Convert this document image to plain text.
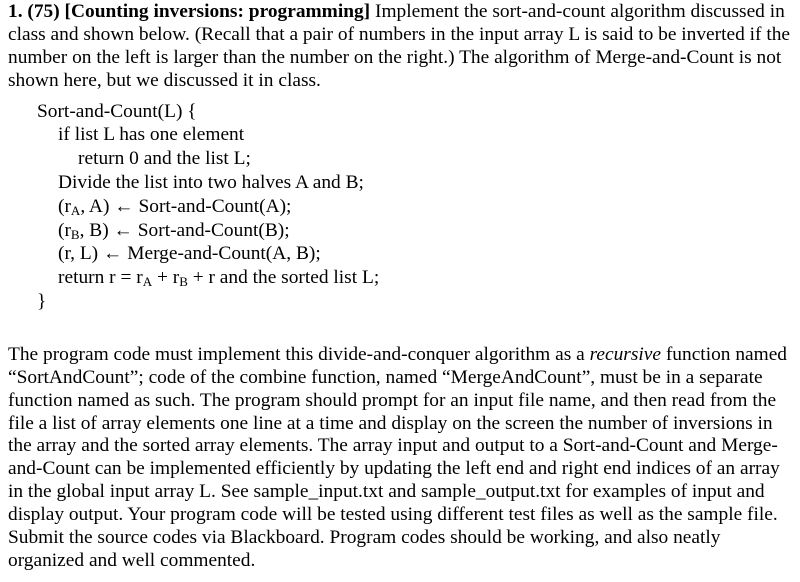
1. (75) [Counting inversions: programming] Implement the sort-and-count algorithm discussed in class and shown below. (Recall that a pair of numbers in the input array L is said to be inverted if the number on the left is larger than the number on the right.) The algorithm of Merge-and-Count is not shown here, but we discussed it in class.

Sort-and-Count(L) {
if list L has one element
return 0 and the list L;
Divide the list into two halves A and B;
($r_A$, A) ← Sort-and-Count(A);
($r_B$, B) ← Sort-and-Count(B);
(r, L) ← Merge-and-Count(A, B);
return $r = r_A + r_B + r$ and the sorted list L;
}

The program code must implement this divide-and-conquer algorithm as a recursive function named “SortAndCount”; code of the combine function, named “MergeAndCount”, must be in a separate function named as such. The program should prompt for an input file name, and then read from the file a list of array elements one line at a time and display on the screen the number of inversions in the array and the sorted array elements. The array input and output to a Sort-and-Count and Merge-and-Count can be implemented efficiently by updating the left end and right end indices of an array in the global input array L. See sample_input.txt and sample_output.txt for examples of input and display output. Your program code will be tested using different test files as well as the sample file. Submit the source codes via Blackboard. Program codes should be working, and also neatly organized and well commented.
